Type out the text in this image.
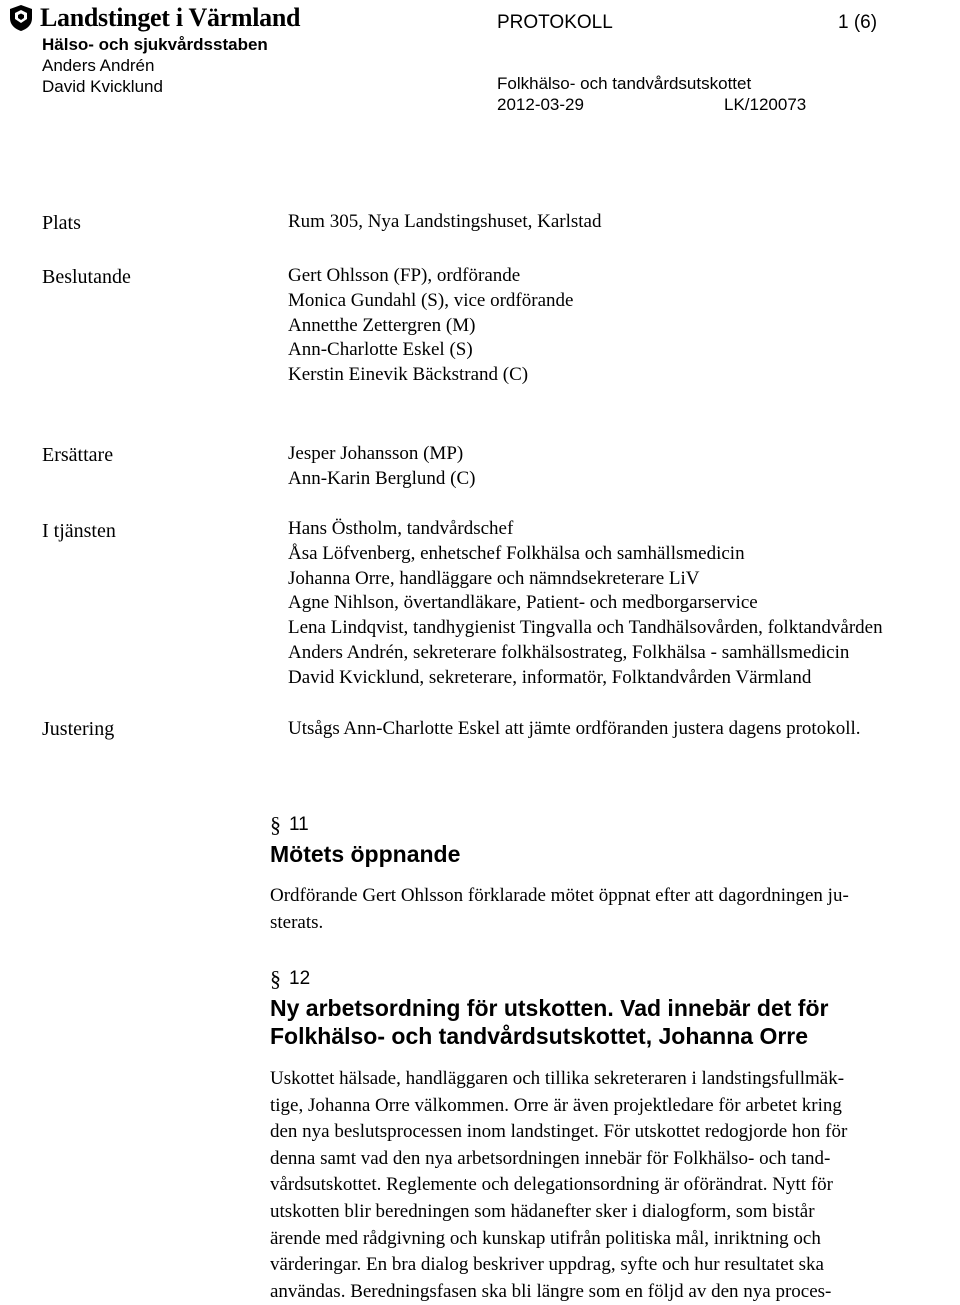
Landstinget i Värmland
Hälso- och sjukvårdsstaben
Anders Andrén
David Kvicklund
PROTOKOLL	1 (6)
Folkhälso- och tandvårdsutskottet
2012-03-29	LK/120073
Plats	Rum 305, Nya Landstingshuset, Karlstad
Beslutande	Gert Ohlsson (FP), ordförande
Monica Gundahl (S), vice ordförande
Annetthe Zettergren (M)
Ann-Charlotte Eskel (S)
Kerstin Einevik Bäckstrand (C)
Ersättare	Jesper Johansson (MP)
Ann-Karin Berglund (C)
I tjänsten	Hans Östholm, tandvårdschef
Åsa Löfvenberg, enhetschef Folkhälsa och samhällsmedicin
Johanna Orre, handläggare och nämndsekreterare LiV
Agne Nihlson, övertandläkare, Patient- och medborgarservice
Lena Lindqvist, tandhygienist Tingvalla och Tandhälsovården, folktandvården
Anders Andrén, sekreterare folkhälsostrateg, Folkhälsa - samhällsmedicin
David Kvicklund, sekreterare, informatör, Folktandvården Värmland
Justering	Utsågs Ann-Charlotte Eskel att jämte ordföranden justera dagens protokoll.
§ 11
Mötets öppnande
Ordförande Gert Ohlsson förklarade mötet öppnat efter att dagordningen ju-
sterats.
§ 12
Ny arbetsordning för utskotten. Vad innebär det för
Folkhälso- och tandvårdsutskottet, Johanna Orre
Uskottet hälsade, handläggaren och tillika sekreteraren i landstingsfullmäk-
tige, Johanna Orre välkommen. Orre är även projektledare för arbetet kring
den nya beslutsprocessen inom landstinget. För utskottet redogjorde hon för
denna samt vad den nya arbetsordningen innebär för Folkhälso- och tand-
vårdsutskottet. Reglemente och delegationsordning är oförändrat. Nytt för
utskotten blir beredningen som hädanefter sker i dialogform, som bistår
ärende med rådgivning och kunskap utifrån politiska mål, inriktning och
värderingar. En bra dialog beskriver uppdrag, syfte och hur resultatet ska
användas. Beredningsfasen ska bli längre som en följd av den nya proces-
